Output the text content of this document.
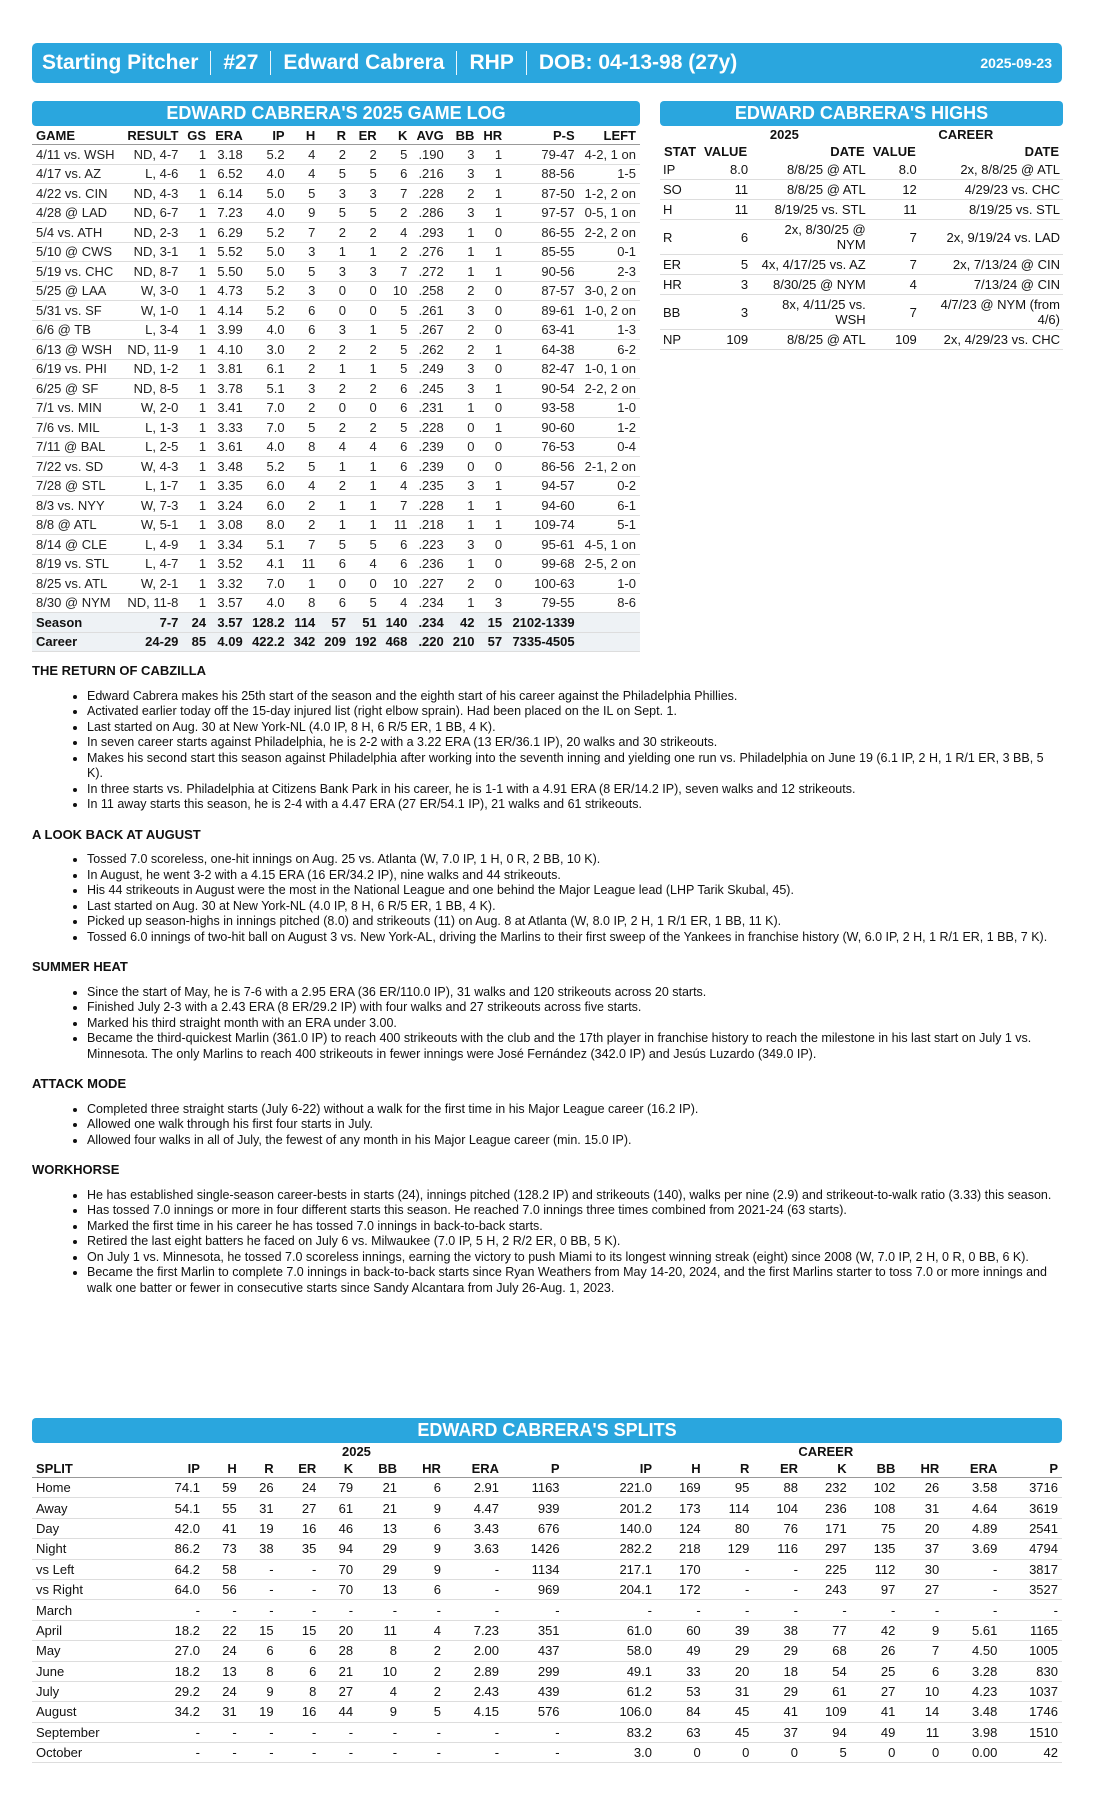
Starting Pitcher #27 Edward Cabrera RHP DOB: 04-13-98 (27y)	2025-09-23
EDWARD CABRERA'S 2025 GAME LOG
GAME	RESULT	GS	ERA	IP	H	R	ER	K	AVG	BB	HR	P-S	LEFT
4/11 vs. WSH	ND, 4-7	1	3.18	5.2	4	2	2	5	.190	3	1	79-47	4-2, 1 on
4/17 vs. AZ	L, 4-6	1	6.52	4.0	4	5	5	6	.216	3	1	88-56	1-5
4/22 vs. CIN	ND, 4-3	1	6.14	5.0	5	3	3	7	.228	2	1	87-50	1-2, 2 on
4/28 @ LAD	ND, 6-7	1	7.23	4.0	9	5	5	2	.286	3	1	97-57	0-5, 1 on
5/4 vs. ATH	ND, 2-3	1	6.29	5.2	7	2	2	4	.293	1	0	86-55	2-2, 2 on
5/10 @ CWS	ND, 3-1	1	5.52	5.0	3	1	1	2	.276	1	1	85-55	0-1
5/19 vs. CHC	ND, 8-7	1	5.50	5.0	5	3	3	7	.272	1	1	90-56	2-3
5/25 @ LAA	W, 3-0	1	4.73	5.2	3	0	0	10	.258	2	0	87-57	3-0, 2 on
5/31 vs. SF	W, 1-0	1	4.14	5.2	6	0	0	5	.261	3	0	89-61	1-0, 2 on
6/6 @ TB	L, 3-4	1	3.99	4.0	6	3	1	5	.267	2	0	63-41	1-3
6/13 @ WSH	ND, 11-9	1	4.10	3.0	2	2	2	5	.262	2	1	64-38	6-2
6/19 vs. PHI	ND, 1-2	1	3.81	6.1	2	1	1	5	.249	3	0	82-47	1-0, 1 on
6/25 @ SF	ND, 8-5	1	3.78	5.1	3	2	2	6	.245	3	1	90-54	2-2, 2 on
7/1 vs. MIN	W, 2-0	1	3.41	7.0	2	0	0	6	.231	1	0	93-58	1-0
7/6 vs. MIL	L, 1-3	1	3.33	7.0	5	2	2	5	.228	0	1	90-60	1-2
7/11 @ BAL	L, 2-5	1	3.61	4.0	8	4	4	6	.239	0	0	76-53	0-4
7/22 vs. SD	W, 4-3	1	3.48	5.2	5	1	1	6	.239	0	0	86-56	2-1, 2 on
7/28 @ STL	L, 1-7	1	3.35	6.0	4	2	1	4	.235	3	1	94-57	0-2
8/3 vs. NYY	W, 7-3	1	3.24	6.0	2	1	1	7	.228	1	1	94-60	6-1
8/8 @ ATL	W, 5-1	1	3.08	8.0	2	1	1	11	.218	1	1	109-74	5-1
8/14 @ CLE	L, 4-9	1	3.34	5.1	7	5	5	6	.223	3	0	95-61	4-5, 1 on
8/19 vs. STL	L, 4-7	1	3.52	4.1	11	6	4	6	.236	1	0	99-68	2-5, 2 on
8/25 vs. ATL	W, 2-1	1	3.32	7.0	1	0	0	10	.227	2	0	100-63	1-0
8/30 @ NYM	ND, 11-8	1	3.57	4.0	8	6	5	4	.234	1	3	79-55	8-6
Season	7-7	24	3.57	128.2	114	57	51	140	.234	42	15	2102-1339	
Career	24-29	85	4.09	422.2	342	209	192	468	.220	210	57	7335-4505	
EDWARD CABRERA'S HIGHS
	2025		CAREER	
STAT	VALUE	DATE	VALUE	DATE
IP	8.0	8/8/25 @ ATL	8.0	2x, 8/8/25 @ ATL
SO	11	8/8/25 @ ATL	12	4/29/23 vs. CHC
H	11	8/19/25 vs. STL	11	8/19/25 vs. STL
R	6	2x, 8/30/25 @ NYM	7	2x, 9/19/24 vs. LAD
ER	5	4x, 4/17/25 vs. AZ	7	2x, 7/13/24 @ CIN
HR	3	8/30/25 @ NYM	4	7/13/24 @ CIN
BB	3	8x, 4/11/25 vs. WSH	7	4/7/23 @ NYM (from 4/6)
NP	109	8/8/25 @ ATL	109	2x, 4/29/23 vs. CHC
THE RETURN OF CABZILLA
• Edward Cabrera makes his 25th start of the season and the eighth start of his career against the Philadelphia Phillies.
• Activated earlier today off the 15-day injured list (right elbow sprain). Had been placed on the IL on Sept. 1.
• Last started on Aug. 30 at New York-NL (4.0 IP, 8 H, 6 R/5 ER, 1 BB, 4 K).
• In seven career starts against Philadelphia, he is 2-2 with a 3.22 ERA (13 ER/36.1 IP), 20 walks and 30 strikeouts.
• Makes his second start this season against Philadelphia after working into the seventh inning and yielding one run vs. Philadelphia on June 19 (6.1 IP, 2 H, 1 R/1 ER, 3 BB, 5 K).
• In three starts vs. Philadelphia at Citizens Bank Park in his career, he is 1-1 with a 4.91 ERA (8 ER/14.2 IP), seven walks and 12 strikeouts.
• In 11 away starts this season, he is 2-4 with a 4.47 ERA (27 ER/54.1 IP), 21 walks and 61 strikeouts.
A LOOK BACK AT AUGUST
• Tossed 7.0 scoreless, one-hit innings on Aug. 25 vs. Atlanta (W, 7.0 IP, 1 H, 0 R, 2 BB, 10 K).
• In August, he went 3-2 with a 4.15 ERA (16 ER/34.2 IP), nine walks and 44 strikeouts.
• His 44 strikeouts in August were the most in the National League and one behind the Major League lead (LHP Tarik Skubal, 45).
• Last started on Aug. 30 at New York-NL (4.0 IP, 8 H, 6 R/5 ER, 1 BB, 4 K).
• Picked up season-highs in innings pitched (8.0) and strikeouts (11) on Aug. 8 at Atlanta (W, 8.0 IP, 2 H, 1 R/1 ER, 1 BB, 11 K).
• Tossed 6.0 innings of two-hit ball on August 3 vs. New York-AL, driving the Marlins to their first sweep of the Yankees in franchise history (W, 6.0 IP, 2 H, 1 R/1 ER, 1 BB, 7 K).
SUMMER HEAT
• Since the start of May, he is 7-6 with a 2.95 ERA (36 ER/110.0 IP), 31 walks and 120 strikeouts across 20 starts.
• Finished July 2-3 with a 2.43 ERA (8 ER/29.2 IP) with four walks and 27 strikeouts across five starts.
• Marked his third straight month with an ERA under 3.00.
• Became the third-quickest Marlin (361.0 IP) to reach 400 strikeouts with the club and the 17th player in franchise history to reach the milestone in his last start on July 1 vs. Minnesota. The only Marlins to reach 400 strikeouts in fewer innings were José Fernández (342.0 IP) and Jesús Luzardo (349.0 IP).
ATTACK MODE
• Completed three straight starts (July 6-22) without a walk for the first time in his Major League career (16.2 IP).
• Allowed one walk through his first four starts in July.
• Allowed four walks in all of July, the fewest of any month in his Major League career (min. 15.0 IP).
WORKHORSE
• He has established single-season career-bests in starts (24), innings pitched (128.2 IP) and strikeouts (140), walks per nine (2.9) and strikeout-to-walk ratio (3.33) this season.
• Has tossed 7.0 innings or more in four different starts this season. He reached 7.0 innings three times combined from 2021-24 (63 starts).
• Marked the first time in his career he has tossed 7.0 innings in back-to-back starts.
• Retired the last eight batters he faced on July 6 vs. Milwaukee (7.0 IP, 5 H, 2 R/2 ER, 0 BB, 5 K).
• On July 1 vs. Minnesota, he tossed 7.0 scoreless innings, earning the victory to push Miami to its longest winning streak (eight) since 2008 (W, 7.0 IP, 2 H, 0 R, 0 BB, 6 K).
• Became the first Marlin to complete 7.0 innings in back-to-back starts since Ryan Weathers from May 14-20, 2024, and the first Marlins starter to toss 7.0 or more innings and walk one batter or fewer in consecutive starts since Sandy Alcantara from July 26-Aug. 1, 2023.
EDWARD CABRERA'S SPLITS
	2025										CAREER								
SPLIT	IP	H	R	ER	K	BB	HR	ERA	P		IP	H	R	ER	K	BB	HR	ERA	P
Home	74.1	59	26	24	79	21	6	2.91	1163		221.0	169	95	88	232	102	26	3.58	3716
Away	54.1	55	31	27	61	21	9	4.47	939		201.2	173	114	104	236	108	31	4.64	3619
Day	42.0	41	19	16	46	13	6	3.43	676		140.0	124	80	76	171	75	20	4.89	2541
Night	86.2	73	38	35	94	29	9	3.63	1426		282.2	218	129	116	297	135	37	3.69	4794
vs Left	64.2	58	-	-	70	29	9	-	1134		217.1	170	-	-	225	112	30	-	3817
vs Right	64.0	56	-	-	70	13	6	-	969		204.1	172	-	-	243	97	27	-	3527
March	-	-	-	-	-	-	-	-	-		-	-	-	-	-	-	-	-	-
April	18.2	22	15	15	20	11	4	7.23	351		61.0	60	39	38	77	42	9	5.61	1165
May	27.0	24	6	6	28	8	2	2.00	437		58.0	49	29	29	68	26	7	4.50	1005
June	18.2	13	8	6	21	10	2	2.89	299		49.1	33	20	18	54	25	6	3.28	830
July	29.2	24	9	8	27	4	2	2.43	439		61.2	53	31	29	61	27	10	4.23	1037
August	34.2	31	19	16	44	9	5	4.15	576		106.0	84	45	41	109	41	14	3.48	1746
September	-	-	-	-	-	-	-	-	-		83.2	63	45	37	94	49	11	3.98	1510
October	-	-	-	-	-	-	-	-	-		3.0	0	0	0	5	0	0	0.00	42
